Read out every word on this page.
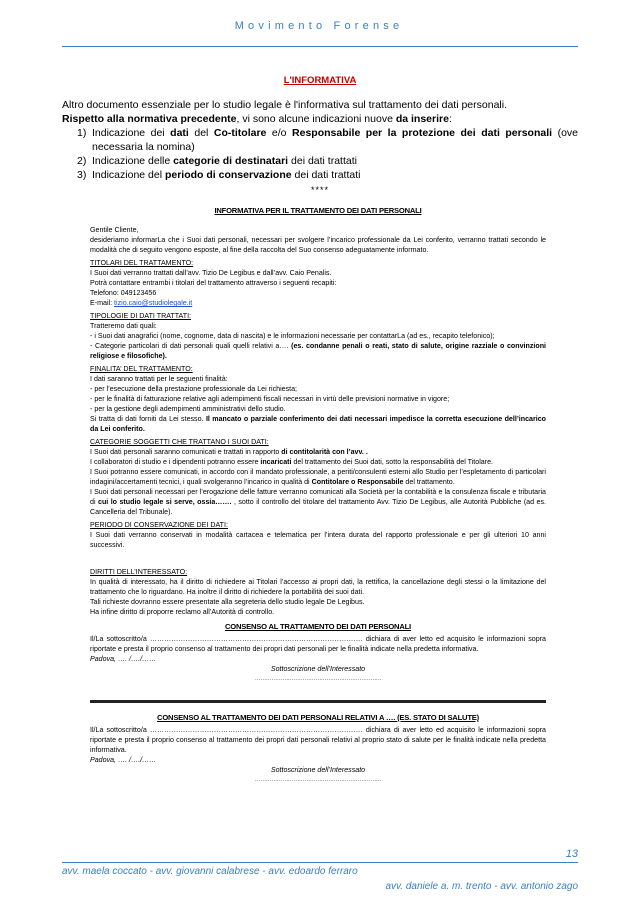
Movimento Forense
L'INFORMATIVA

Altro documento essenziale per lo studio legale è l'informativa sul trattamento dei dati personali.

Rispetto alla normativa precedente, vi sono alcune indicazioni nuove da inserire:

1) Indicazione dei dati del Co-titolare e/o Responsabile per la protezione dei dati personali (ove necessaria la nomina)
2) Indicazione delle categorie di destinatari dei dati trattati
3) Indicazione del periodo di conservazione dei dati trattati
****
INFORMATIVA PER IL TRATTAMENTO DEI DATI PERSONALI

Gentile Cliente,

desideriamo informarLa che i Suoi dati personali, necessari per svolgere l’incarico professionale da Lei conferito, verranno trattati secondo le modalità che di seguito vengono esposte, al fine della raccolta del Suo consenso adeguatamente informato.

TITOLARI DEL TRATTAMENTO:

I Suoi dati verranno trattati dall’avv. Tizio De Legibus e dall’avv. Caio Penalis.

Potrà contattare entrambi i titolari del trattamento attraverso i seguenti recapiti:

Telefono: 049123456

E-mail: tizio.caio@studiolegale.it

TIPOLOGIE DI DATI TRATTATI:

Tratteremo dati quali:

- i Suoi dati anagrafici (nome, cognome, data di nascita) e le informazioni necessarie per contattarLa (ad es., recapito telefonico);

- Categorie particolari di dati personali quali quelli relativi a…. (es. condanne penali o reati, stato di salute, origine razziale o convinzioni religiose e filosofiche).

FINALITA’ DEL TRATTAMENTO:

I dati saranno trattati per le seguenti finalità:

- per l’esecuzione della prestazione professionale da Lei richiesta;

- per le finalità di fatturazione relative agli adempimenti fiscali necessari in virtù delle previsioni normative in vigore;

- per la gestione degli adempimenti amministrativi dello studio.

Si tratta di dati forniti da Lei stesso. Il mancato o parziale conferimento dei dati necessari impedisce la corretta esecuzione dell’incarico da Lei conferito.

CATEGORIE SOGGETTI CHE TRATTANO I SUOI DATI:

I Suoi dati personali saranno comunicati e trattati in rapporto di contitolarità con l’avv. .

I collaboratori di studio e i dipendenti potranno essere incaricati del trattamento dei Suoi dati, sotto la responsabilità del Titolare.

I Suoi potranno essere comunicati, in accordo con il mandato professionale, a periti/consulenti esterni allo Studio per l’espletamento di particolari indagini/accertamenti tecnici, i quali svolgeranno l’incarico in qualità di Contitolare o Responsabile del trattamento.

I Suoi dati personali necessari per l’erogazione delle fatture verranno comunicati alla Società per la contabilità e la consulenza fiscale e tributaria di cui lo studio legale si serve, ossia……. , sotto il controllo del titolare del trattamento Avv. Tizio De Legibus, alle Autorità Pubbliche (ad es. Cancelleria del Tribunale).

PERIODO DI CONSERVAZIONE DEI DATI:

I Suoi dati verranno conservati in modalità cartacea e telematica per l’intera durata del rapporto professionale e per gli ulteriori 10 anni successivi.

DIRITTI DELL’INTERESSATO:

In qualità di interessato, ha il diritto di richiedere ai Titolari l’accesso ai propri dati, la rettifica, la cancellazione degli stessi o la limitazione del trattamento che lo riguardano. Ha inoltre il diritto di richiedere la portabilità dei suoi dati.

Tali richieste dovranno essere presentate alla segreteria dello studio legale De Legibus.

Ha infine diritto di proporre reclamo all’Autorità di controllo.

CONSENSO AL TRATTAMENTO DEI DATI PERSONALI

Il/La sottoscritto/a ……………………………………………………………………………… dichiara di aver letto ed acquisito le informazioni sopra riportate e presta il proprio consenso al trattamento dei propri dati personali per le finalità indicate nella predetta informativa.

Padova, …. /…./……

Sottoscrizione dell’Interessato

……………………………………………………………

CONSENSO AL TRATTAMENTO DEI DATI PERSONALI RELATIVI A …. (ES. STATO DI SALUTE)

Il/La sottoscritto/a ……………………………………………………………………………… dichiara di aver letto ed acquisito le informazioni sopra riportate e presta il proprio consenso al trattamento dei propri dati personali relativi al proprio stato di salute per le finalità indicate nella predetta informativa.

Padova, …. /…./……

Sottoscrizione dell’Interessato

……………………………………………………………

13
avv. maela coccato - avv. giovanni calabrese - avv. edoardo ferraro
avv. daniele a. m. trento - avv. antonio zago
